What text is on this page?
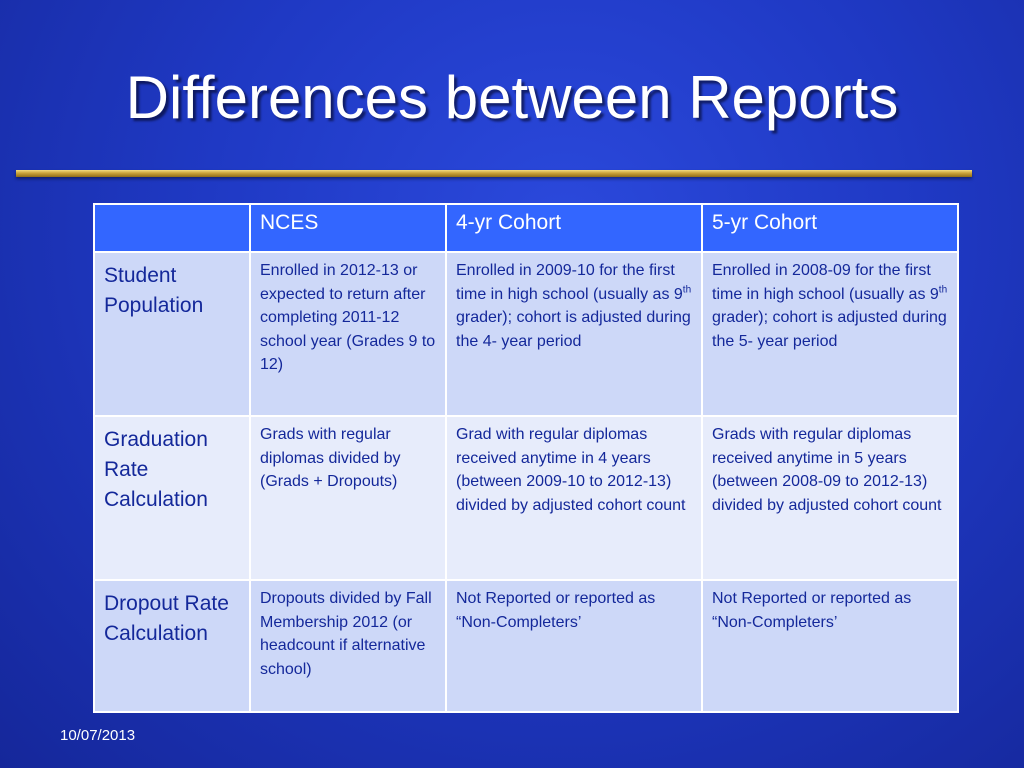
Differences between Reports
	NCES	4-yr Cohort	5-yr Cohort
Student Population	Enrolled in 2012-13 or expected to return after completing 2011-12 school year (Grades 9 to 12)	Enrolled in 2009-10 for the first time in high school (usually as 9th grader); cohort is adjusted during the 4- year period	Enrolled in 2008-09 for the first time in high school (usually as 9th grader); cohort is adjusted during the 5- year period
Graduation Rate Calculation	Grads with regular diplomas divided by (Grads + Dropouts)	Grad with regular diplomas received anytime in 4 years (between 2009-10 to 2012-13) divided by adjusted cohort count	Grads with regular diplomas received anytime in 5 years (between 2008-09 to 2012-13) divided by adjusted cohort count
Dropout Rate Calculation	Dropouts divided by Fall Membership 2012 (or headcount if alternative school)	Not Reported or reported as “Non-Completers’	Not Reported or reported as “Non-Completers’
10/07/2013
